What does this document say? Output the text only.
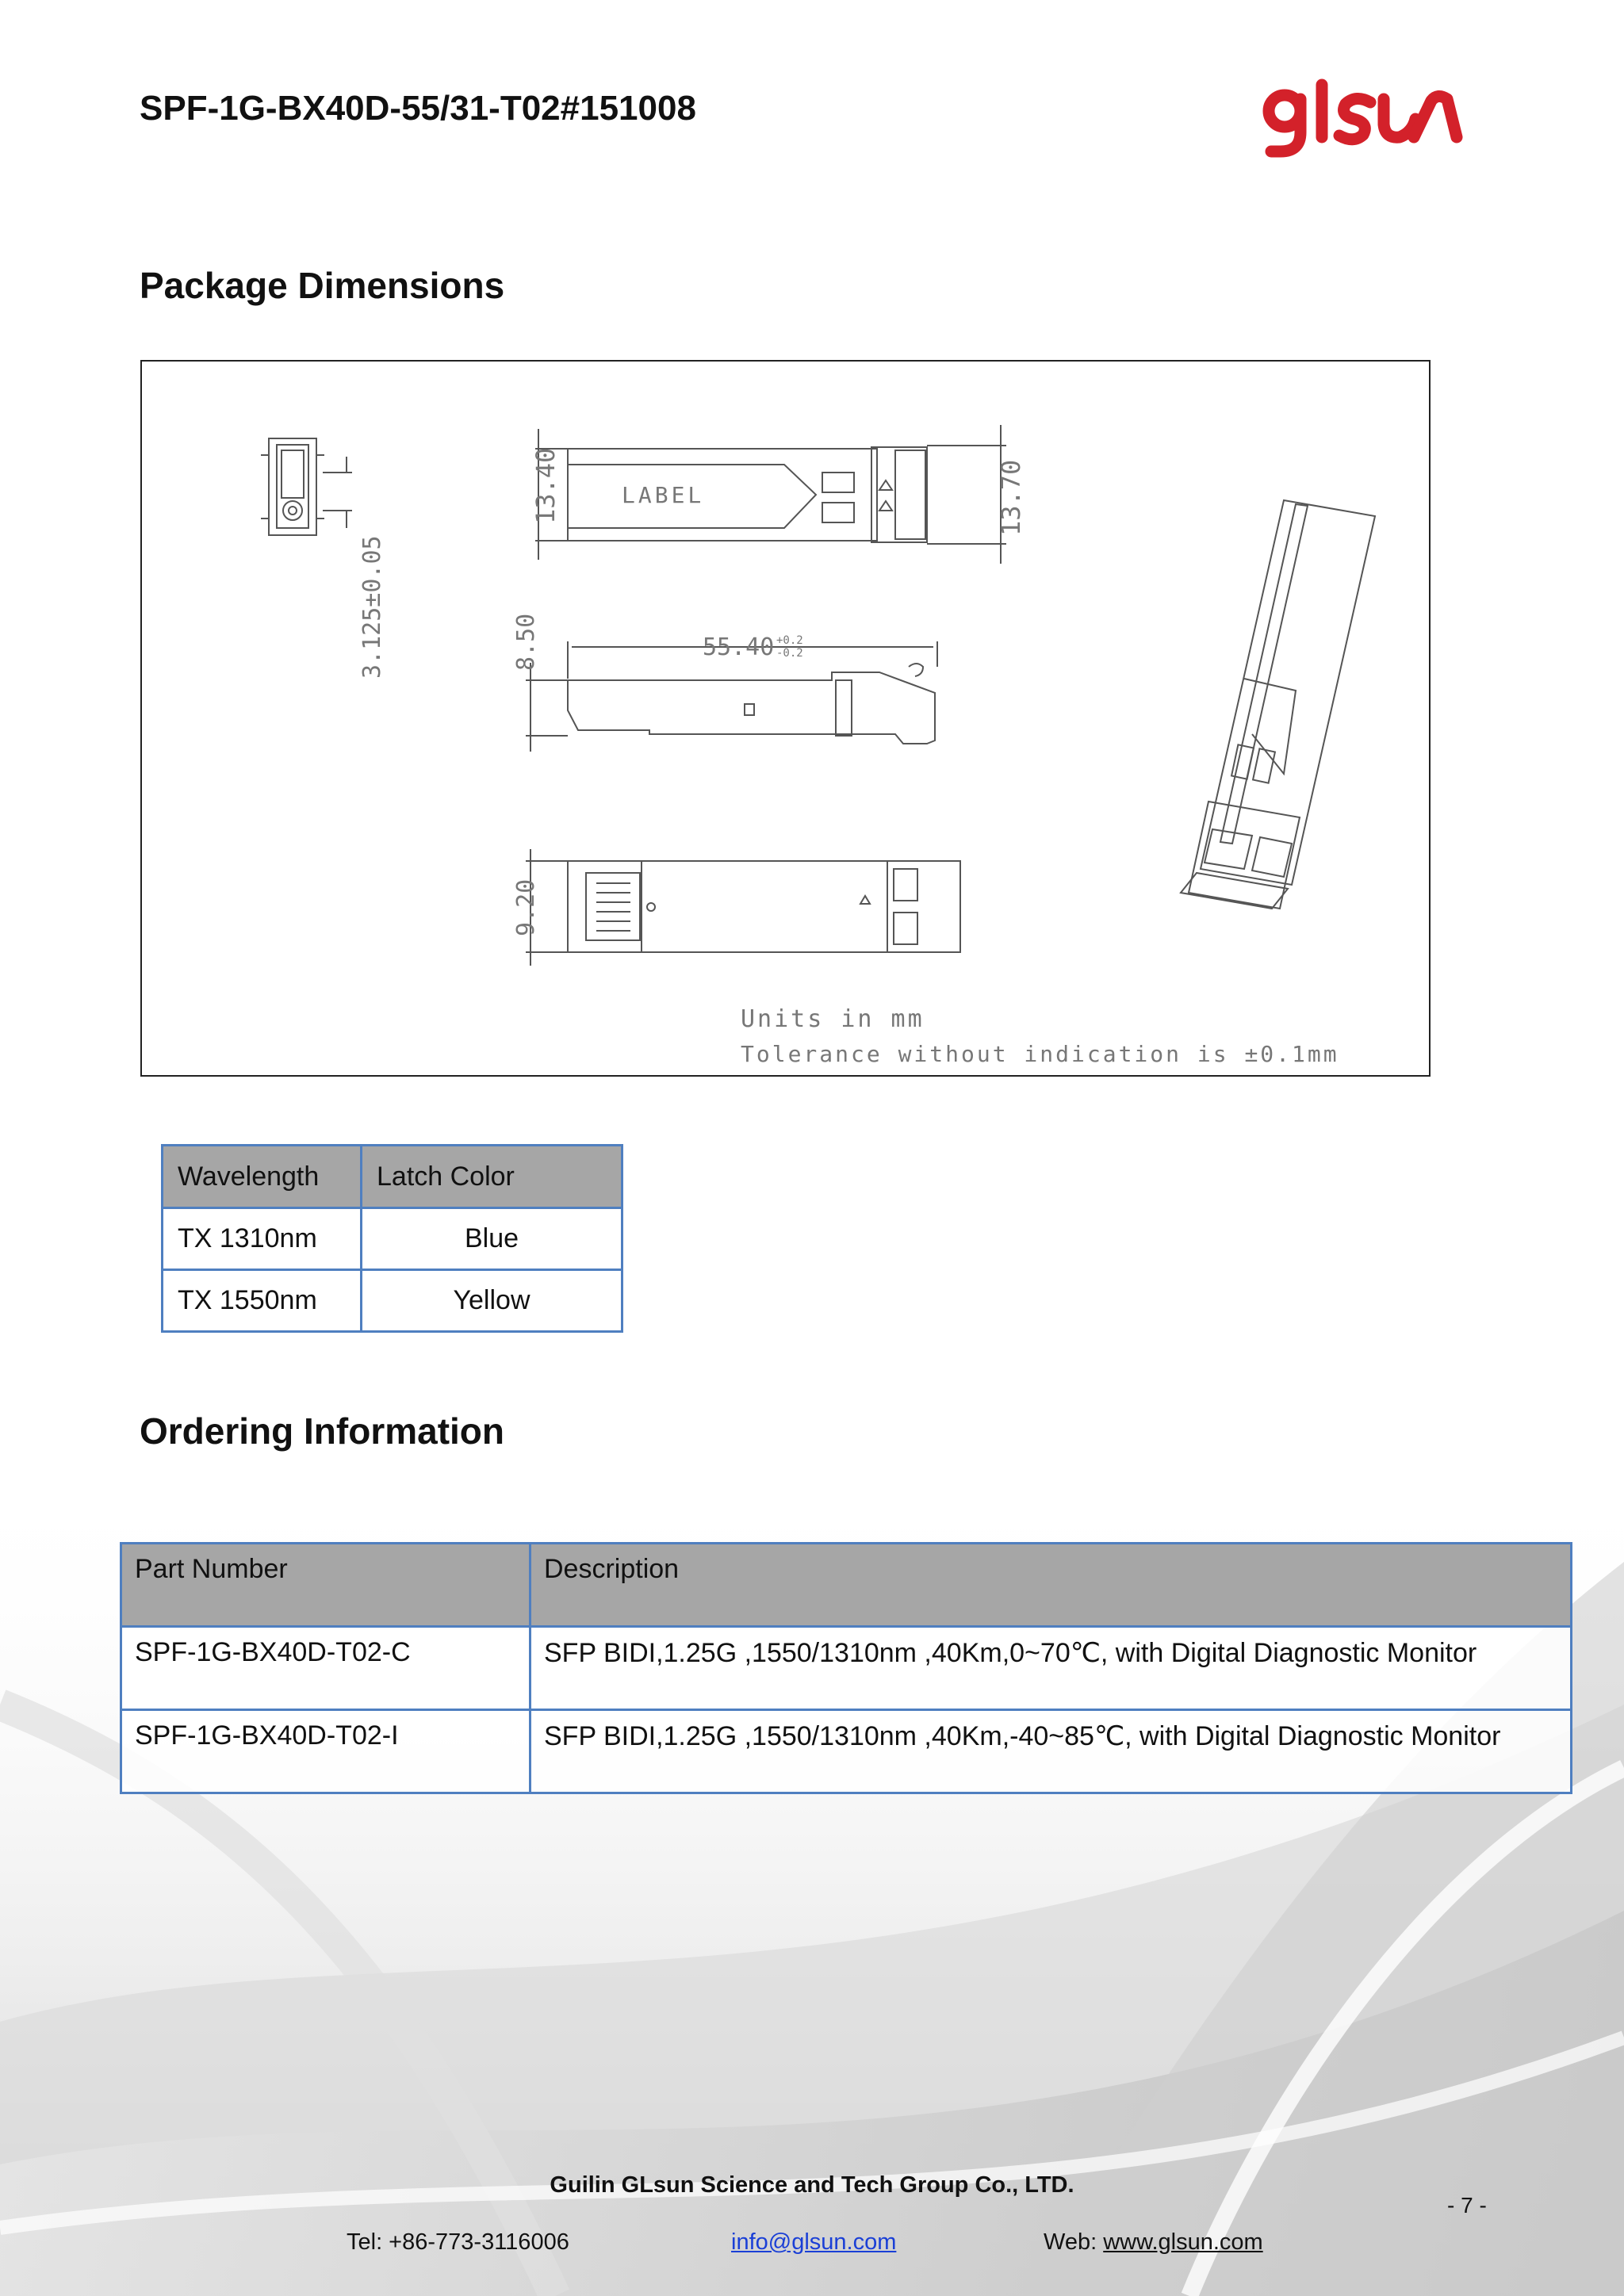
SPF-1G-BX40D-55/31-T02#151008
Package Dimensions
13.40	LABEL	13.70
3.125±0.05	8.50	55.40 +0.2
-0.2
9.20
Units in mm
Tolerance without indication is ±0.1mm
Wavelength	Latch Color
TX 1310nm	Blue
TX 1550nm	Yellow
Ordering Information
Part Number	Description
SPF-1G-BX40D-T02-C	SFP BIDI,1.25G ,1550/1310nm ,40Km,0~70℃, with Digital Diagnostic Monitor
SPF-1G-BX40D-T02-I	SFP BIDI,1.25G ,1550/1310nm ,40Km,-40~85℃, with Digital Diagnostic Monitor
Guilin GLsun Science and Tech Group Co., LTD.
- 7 -
Tel: +86-773-3116006	info@glsun.com	Web: www.glsun.com
